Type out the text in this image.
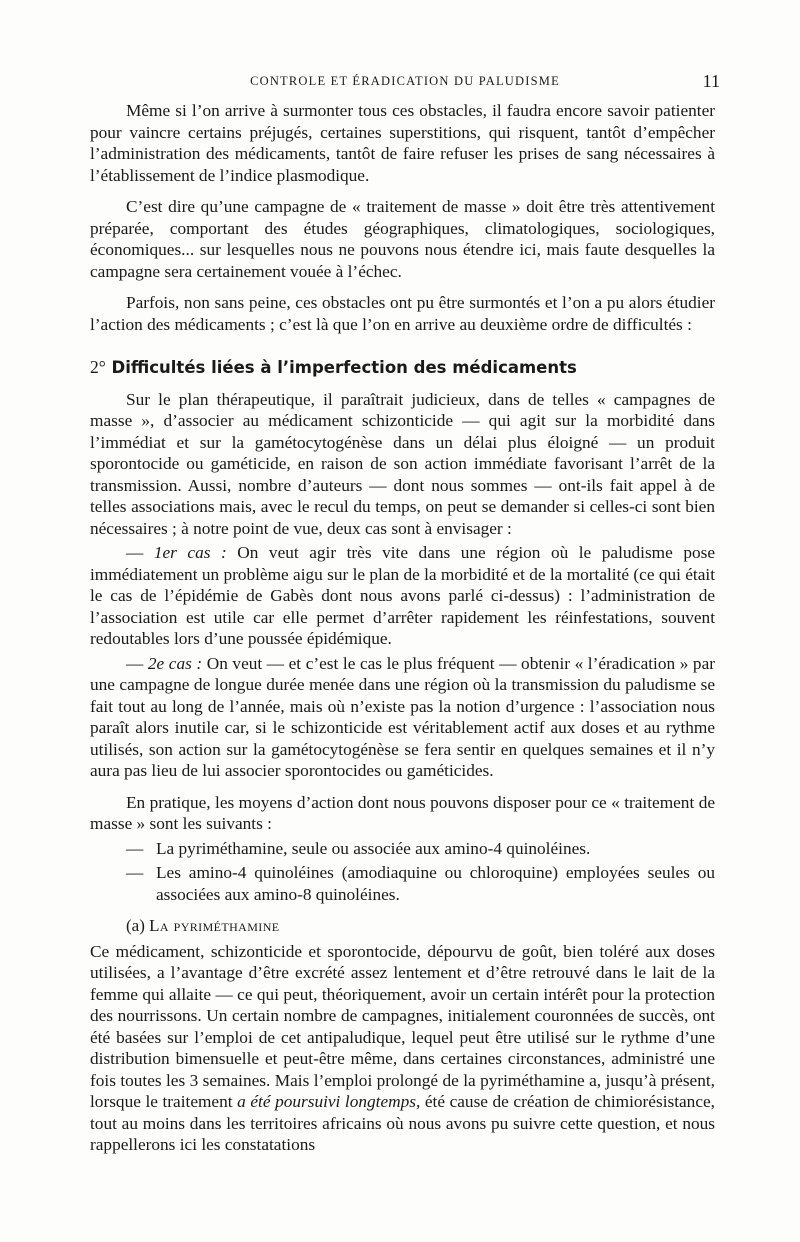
CONTROLE ET ÉRADICATION DU PALUDISME	11

Même si l’on arrive à surmonter tous ces obstacles, il faudra encore savoir patienter pour vaincre certains préjugés, certaines superstitions, qui risquent, tantôt d’empêcher l’administration des médicaments, tantôt de faire refuser les prises de sang nécessaires à l’établissement de l’indice plasmodique.

C’est dire qu’une campagne de « traitement de masse » doit être très attentivement préparée, comportant des études géographiques, climatologiques, sociologiques, économiques... sur lesquelles nous ne pouvons nous étendre ici, mais faute desquelles la campagne sera certainement vouée à l’échec.

Parfois, non sans peine, ces obstacles ont pu être surmontés et l’on a pu alors étudier l’action des médicaments ; c’est là que l’on en arrive au deuxième ordre de difficultés :

2° Difficultés liées à l’imperfection des médicaments

Sur le plan thérapeutique, il paraîtrait judicieux, dans de telles « campagnes de masse », d’associer au médicament schizonticide — qui agit sur la morbidité dans l’immédiat et sur la gamétocytogénèse dans un délai plus éloigné — un produit sporontocide ou gaméticide, en raison de son action immédiate favorisant l’arrêt de la transmission. Aussi, nombre d’auteurs — dont nous sommes — ont-ils fait appel à de telles associations mais, avec le recul du temps, on peut se demander si celles-ci sont bien nécessaires ; à notre point de vue, deux cas sont à envisager :

— 1er cas : On veut agir très vite dans une région où le paludisme pose immédiatement un problème aigu sur le plan de la morbidité et de la mortalité (ce qui était le cas de l’épidémie de Gabès dont nous avons parlé ci-dessus) : l’administration de l’association est utile car elle permet d’arrêter rapidement les réinfestations, souvent redoutables lors d’une poussée épidémique.

— 2e cas : On veut — et c’est le cas le plus fréquent — obtenir « l’éradication » par une campagne de longue durée menée dans une région où la transmission du paludisme se fait tout au long de l’année, mais où n’existe pas la notion d’urgence : l’association nous paraît alors inutile car, si le schizonticide est véritablement actif aux doses et au rythme utilisés, son action sur la gamétocytogénèse se fera sentir en quelques semaines et il n’y aura pas lieu de lui associer sporontocides ou gaméticides.

En pratique, les moyens d’action dont nous pouvons disposer pour ce « traitement de masse » sont les suivants :

— La pyriméthamine, seule ou associée aux amino-4 quinoléines.
— Les amino-4 quinoléines (amodiaquine ou chloroquine) employées seules ou associées aux amino-8 quinoléines.
(a) La pyriméthamine

Ce médicament, schizonticide et sporontocide, dépourvu de goût, bien toléré aux doses utilisées, a l’avantage d’être excrété assez lentement et d’être retrouvé dans le lait de la femme qui allaite — ce qui peut, théoriquement, avoir un certain intérêt pour la protection des nourrissons. Un certain nombre de campagnes, initialement couronnées de succès, ont été basées sur l’emploi de cet antipaludique, lequel peut être utilisé sur le rythme d’une distribution bimensuelle et peut-être même, dans certaines circonstances, administré une fois toutes les 3 semaines. Mais l’emploi prolongé de la pyriméthamine a, jusqu’à présent, lorsque le traitement a été poursuivi longtemps, été cause de création de chimiorésistance, tout au moins dans les territoires africains où nous avons pu suivre cette question, et nous rappellerons ici les constatations
